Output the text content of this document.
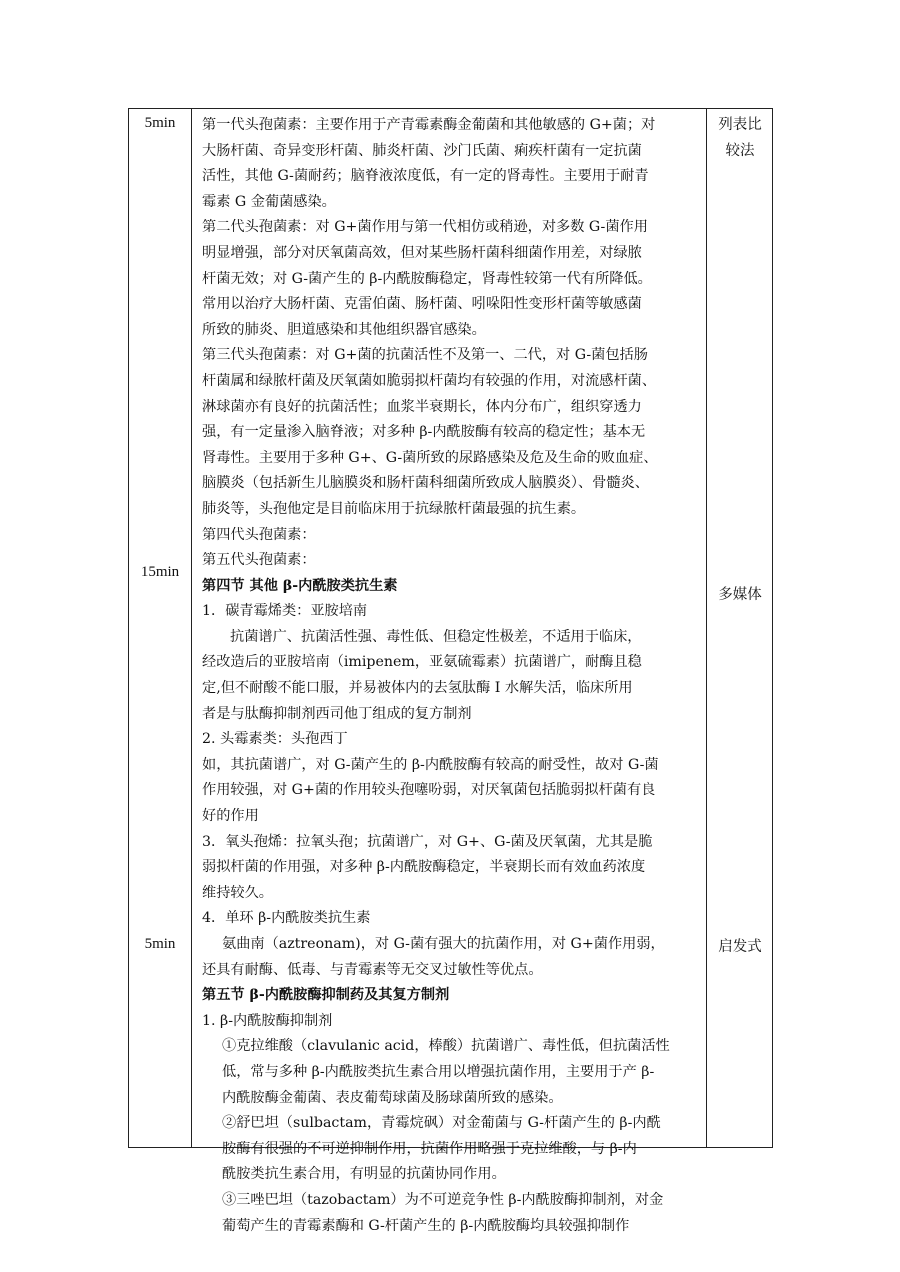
5min
15min
5min
列表比较法
多媒体
启发式

第一代头孢菌素：主要作用于产青霉素酶金葡菌和其他敏感的 G+菌；对

大肠杆菌、奇异变形杆菌、肺炎杆菌、沙门氏菌、痢疾杆菌有一定抗菌

活性，其他 G-菌耐药；脑脊液浓度低，有一定的肾毒性。主要用于耐青

霉素 G 金葡菌感染。

第二代头孢菌素：对 G+菌作用与第一代相仿或稍逊，对多数 G-菌作用

明显增强，部分对厌氧菌高效，但对某些肠杆菌科细菌作用差，对绿脓

杆菌无效；对 G-菌产生的 β-内酰胺酶稳定，肾毒性较第一代有所降低。

常用以治疗大肠杆菌、克雷伯菌、肠杆菌、吲哚阳性变形杆菌等敏感菌

所致的肺炎、胆道感染和其他组织器官感染。

第三代头孢菌素：对 G+菌的抗菌活性不及第一、二代，对 G-菌包括肠

杆菌属和绿脓杆菌及厌氧菌如脆弱拟杆菌均有较强的作用，对流感杆菌、

淋球菌亦有良好的抗菌活性；血浆半衰期长，体内分布广，组织穿透力

强，有一定量渗入脑脊液；对多种 β-内酰胺酶有较高的稳定性；基本无

肾毒性。主要用于多种 G+、G-菌所致的尿路感染及危及生命的败血症、

脑膜炎（包括新生儿脑膜炎和肠杆菌科细菌所致成人脑膜炎）、骨髓炎、

肺炎等，头孢他定是目前临床用于抗绿脓杆菌最强的抗生素。

第四代头孢菌素：

第五代头孢菌素：

第四节 其他 β-内酰胺类抗生素

1．碳青霉烯类：亚胺培南

抗菌谱广、抗菌活性强、毒性低、但稳定性极差，不适用于临床，

经改造后的亚胺培南（imipenem，亚氨硫霉素）抗菌谱广，耐酶且稳

定,但不耐酸不能口服，并易被体内的去氢肽酶 I 水解失活，临床所用

者是与肽酶抑制剂西司他丁组成的复方制剂

2. 头霉素类：头孢西丁

如，其抗菌谱广，对 G-菌产生的 β-内酰胺酶有较高的耐受性，故对 G-菌

作用较强，对 G+菌的作用较头孢噻吩弱，对厌氧菌包括脆弱拟杆菌有良

好的作用

3．氧头孢烯：拉氧头孢；抗菌谱广，对 G+、G-菌及厌氧菌，尤其是脆

弱拟杆菌的作用强，对多种 β-内酰胺酶稳定，半衰期长而有效血药浓度

维持较久。

4．单环 β-内酰胺类抗生素

氨曲南（aztreonam)，对 G-菌有强大的抗菌作用，对 G+菌作用弱，

还具有耐酶、低毒、与青霉素等无交叉过敏性等优点。

第五节 β-内酰胺酶抑制药及其复方制剂

1. β-内酰胺酶抑制剂

①克拉维酸（clavulanic acid，棒酸）抗菌谱广、毒性低，但抗菌活性

低，常与多种 β-内酰胺类抗生素合用以增强抗菌作用，主要用于产 β-

内酰胺酶金葡菌、表皮葡萄球菌及肠球菌所致的感染。

②舒巴坦（sulbactam，青霉烷砜）对金葡菌与 G-杆菌产生的 β-内酰

胺酶有很强的不可逆抑制作用，抗菌作用略强于克拉维酸，与 β-内

酰胺类抗生素合用，有明显的抗菌协同作用。

③三唑巴坦（tazobactam）为不可逆竞争性 β-内酰胺酶抑制剂，对金

葡萄产生的青霉素酶和 G-杆菌产生的 β-内酰胺酶均具较强抑制作
